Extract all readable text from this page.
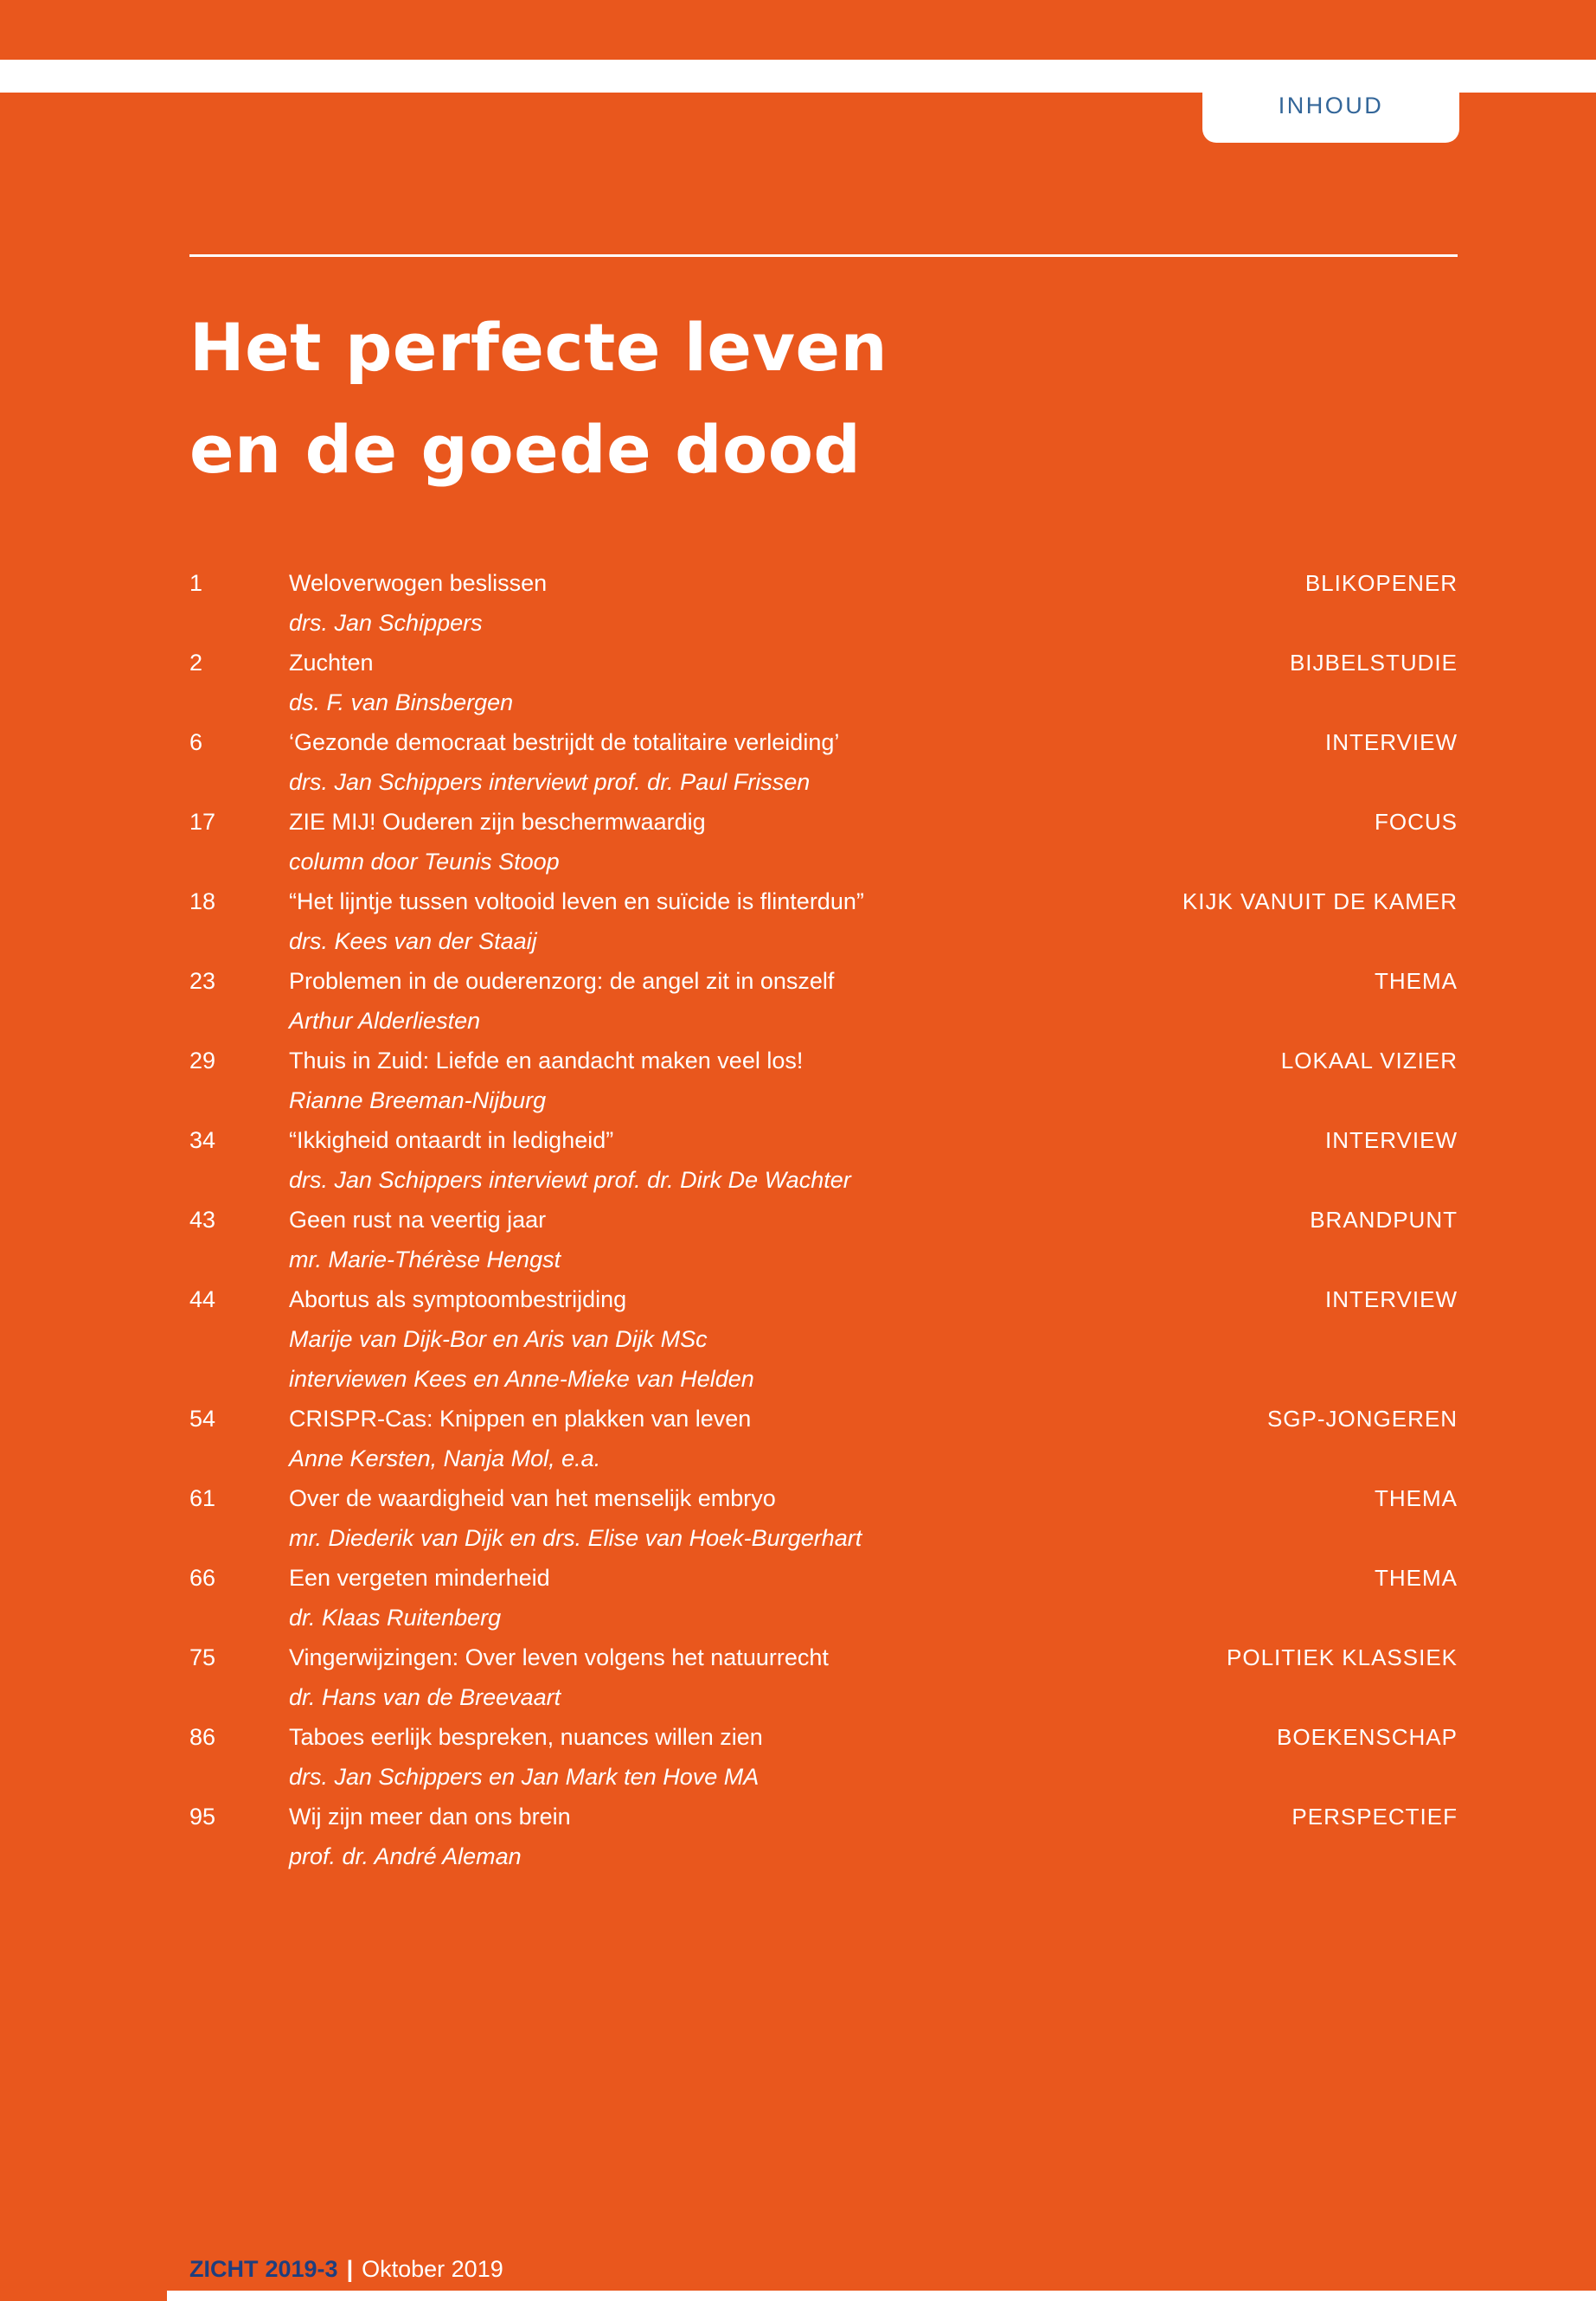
INHOUD
Het perfecte leven
en de goede dood
1	Weloverwogen beslissen
drs. Jan Schippers
BLIKOPENER
2	Zuchten
ds. F. van Binsbergen
BIJBELSTUDIE
6	‘Gezonde democraat bestrijdt de totalitaire verleiding’
drs. Jan Schippers interviewt prof. dr. Paul Frissen
INTERVIEW
17	ZIE MIJ! Ouderen zijn beschermwaardig
column door Teunis Stoop
FOCUS
18	“Het lijntje tussen voltooid leven en suïcide is flinterdun”
drs. Kees van der Staaij
KIJK VANUIT DE KAMER
23	Problemen in de ouderenzorg: de angel zit in onszelf
Arthur Alderliesten
THEMA
29	Thuis in Zuid: Liefde en aandacht maken veel los!
Rianne Breeman-Nijburg
LOKAAL VIZIER
34	“Ikkigheid ontaardt in ledigheid”
drs. Jan Schippers interviewt prof. dr. Dirk De Wachter
INTERVIEW
43	Geen rust na veertig jaar
mr. Marie-Thérèse Hengst
BRANDPUNT
44	Abortus als symptoombestrijding
Marije van Dijk-Bor en Aris van Dijk MSc
interviewen Kees en Anne-Mieke van Helden
INTERVIEW
54	CRISPR-Cas: Knippen en plakken van leven
Anne Kersten, Nanja Mol, e.a.
SGP-JONGEREN
61	Over de waardigheid van het menselijk embryo
mr. Diederik van Dijk en drs. Elise van Hoek-Burgerhart
THEMA
66	Een vergeten minderheid
dr. Klaas Ruitenberg
THEMA
75	Vingerwijzingen: Over leven volgens het natuurrecht
dr. Hans van de Breevaart
POLITIEK KLASSIEK
86	Taboes eerlijk bespreken, nuances willen zien
drs. Jan Schippers en Jan Mark ten Hove MA
BOEKENSCHAP
95	Wij zijn meer dan ons brein
prof. dr. André Aleman
PERSPECTIEF
ZICHT 2019-3 | Oktober 2019
